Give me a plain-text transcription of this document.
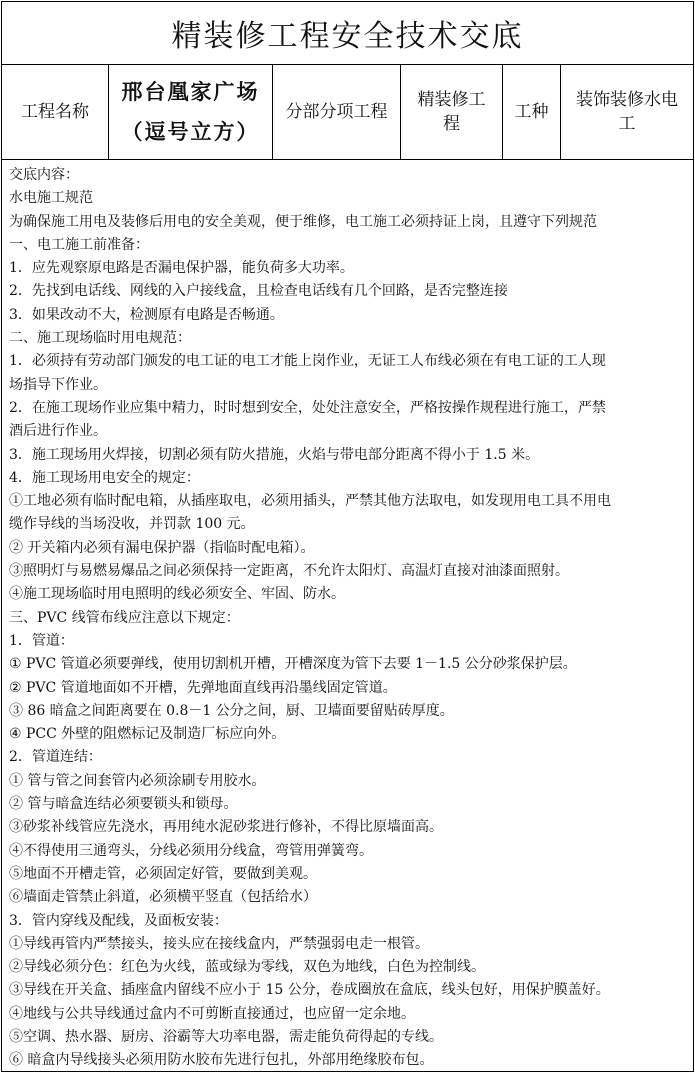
精装修工程安全技术交底
工程名称
邢台凰家广场
（逗号立方）
分部分项工程
精装修工
程
工种
装饰装修水电
工

交底内容：

水电施工规范

为确保施工用电及装修后用电的安全美观，便于维修，电工施工必须持证上岗，且遵守下列规范

一、电工施工前准备：

1．应先观察原电路是否漏电保护器，能负荷多大功率。

2．先找到电话线、网线的入户接线盒，且检查电话线有几个回路，是否完整连接

3．如果改动不大，检测原有电路是否畅通。

二、施工现场临时用电规范：

1．必须持有劳动部门颁发的电工证的电工才能上岗作业，无证工人布线必须在有电工证的工人现

场指导下作业。

2．在施工现场作业应集中精力，时时想到安全，处处注意安全，严格按操作规程进行施工，严禁

酒后进行作业。

3．施工现场用火焊接，切割必须有防火措施，火焰与带电部分距离不得小于 1.5 米。

4．施工现场用电安全的规定：

①工地必须有临时配电箱，从插座取电，必须用插头，严禁其他方法取电，如发现用电工具不用电

缆作导线的当场没收，并罚款 100 元。

② 开关箱内必须有漏电保护器（指临时配电箱）。

③照明灯与易燃易爆品之间必须保持一定距离，不允许太阳灯、高温灯直接对油漆面照射。

④施工现场临时用电照明的线必须安全、牢固、防水。

三、PVC 线管布线应注意以下规定：

1．管道：

① PVC 管道必须要弹线，使用切割机开槽，开槽深度为管下去要 1－1.5 公分砂浆保护层。

② PVC 管道地面如不开槽，先弹地面直线再沿墨线固定管道。

③ 86 暗盒之间距离要在 0.8－1 公分之间，厨、卫墙面要留贴砖厚度。

④ PCC 外壁的阻燃标记及制造厂标应向外。

2．管道连结：

① 管与管之间套管内必须涂刷专用胶水。

② 管与暗盒连结必须要锁头和锁母。

③砂浆补线管应先浇水，再用纯水泥砂浆进行修补，不得比原墙面高。

④不得使用三通弯头，分线必须用分线盒，弯管用弹簧弯。

⑤地面不开槽走管，必须固定好管，要做到美观。

⑥墙面走管禁止斜道，必须横平竖直（包括给水）

3．管内穿线及配线，及面板安装：

①导线再管内严禁接头，接头应在接线盒内，严禁强弱电走一根管。

②导线必须分色：红色为火线，蓝或绿为零线，双色为地线，白色为控制线。

③导线在开关盒、插座盒内留线不应小于 15 公分，卷成圈放在盒底，线头包好，用保护膜盖好。

④地线与公共导线通过盒内不可剪断直接通过，也应留一定余地。

⑤空调、热水器、厨房、浴霸等大功率电器，需走能负荷得起的专线。

⑥ 暗盒内导线接头必须用防水胶布先进行包扎，外部用绝缘胶布包。
